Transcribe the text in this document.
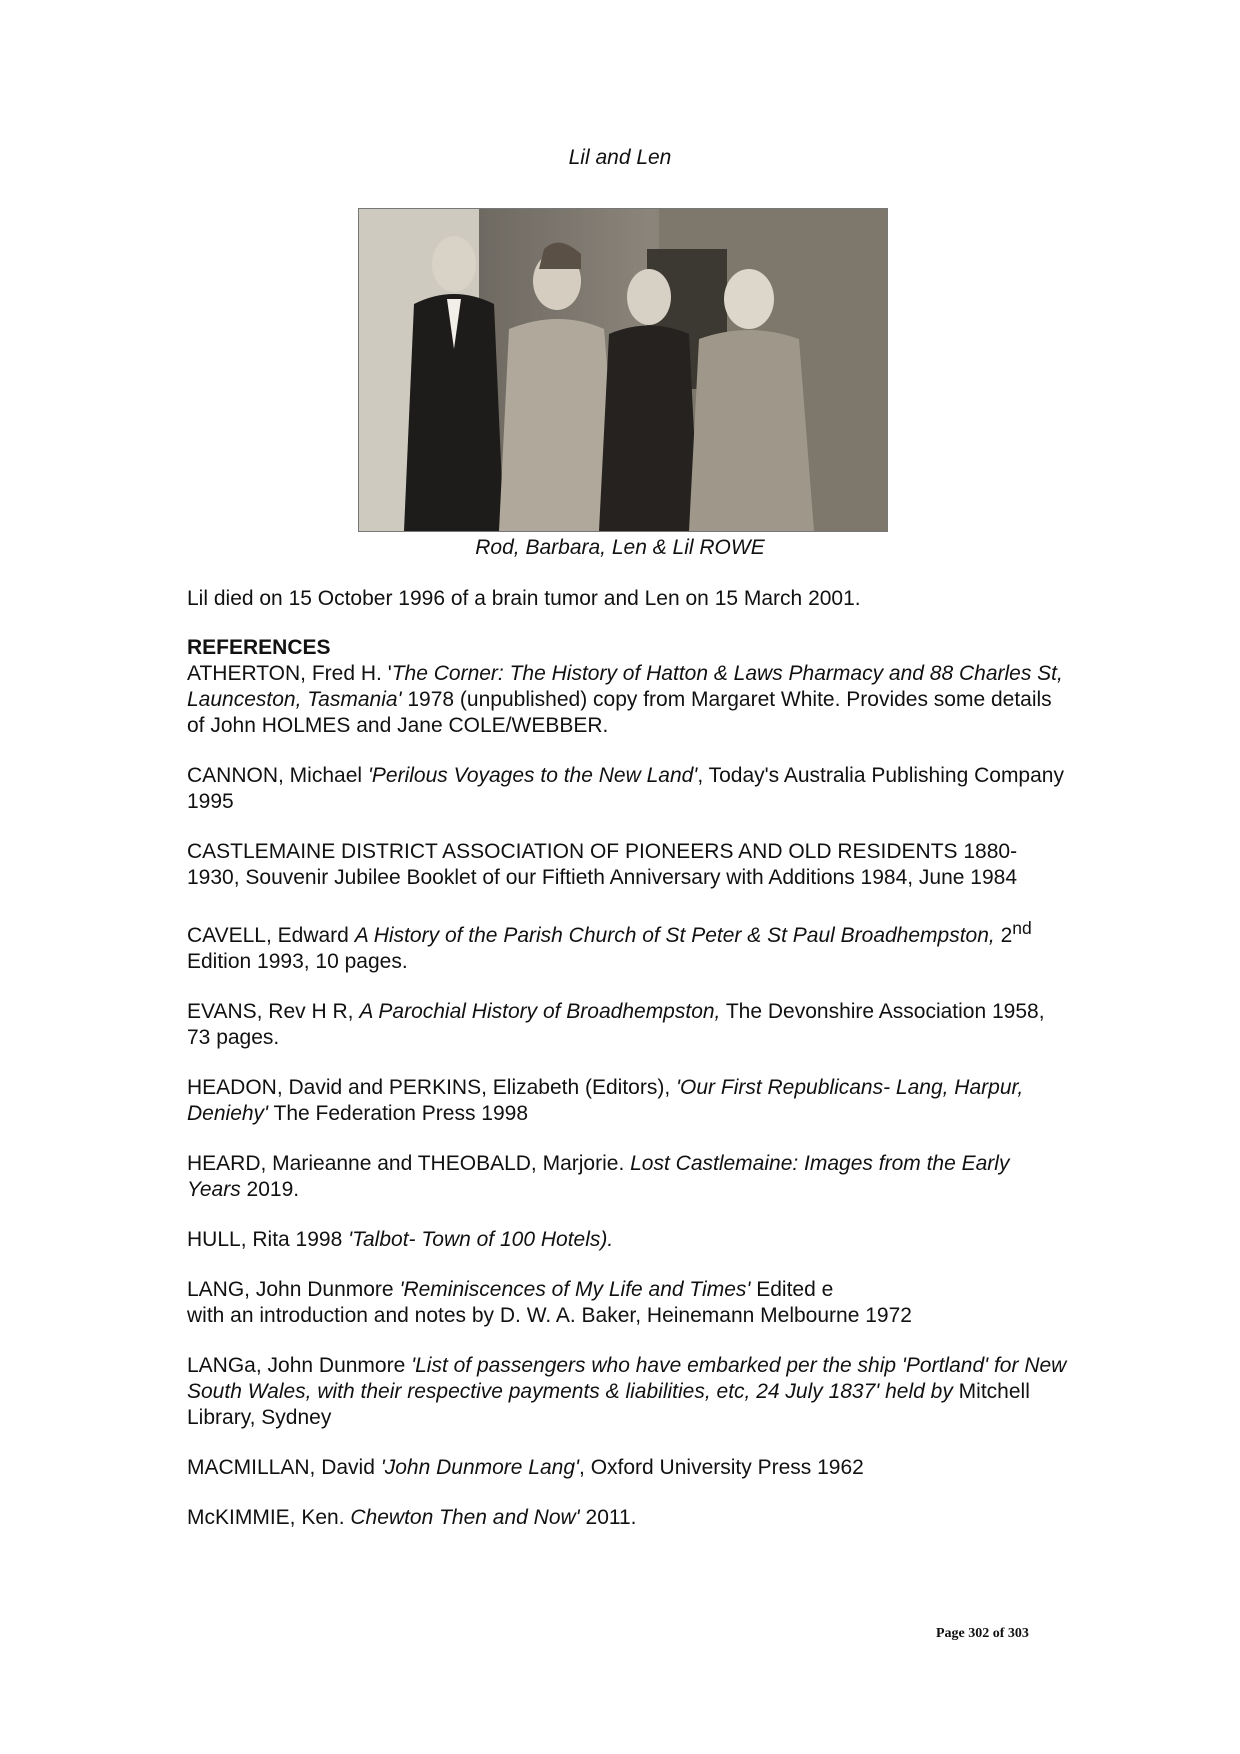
Lil and Len
Rod, Barbara, Len & Lil ROWE
Lil died on 15 October 1996 of a brain tumor and Len on 15 March 2001.
REFERENCES

ATHERTON, Fred H. 'The Corner: The History of Hatton & Laws Pharmacy and 88 Charles St, Launceston, Tasmania' 1978 (unpublished) copy from Margaret White. Provides some details of John HOLMES and Jane COLE/WEBBER.

CANNON, Michael 'Perilous Voyages to the New Land', Today's Australia Publishing Company 1995

CASTLEMAINE DISTRICT ASSOCIATION OF PIONEERS AND OLD RESIDENTS 1880- 1930, Souvenir Jubilee Booklet of our Fiftieth Anniversary with Additions 1984, June 1984

CAVELL, Edward A History of the Parish Church of St Peter & St Paul Broadhempston, 2nd Edition 1993, 10 pages.

EVANS, Rev H R, A Parochial History of Broadhempston, The Devonshire Association 1958, 73 pages.

HEADON, David and PERKINS, Elizabeth (Editors), 'Our First Republicans- Lang, Harpur, Deniehy' The Federation Press 1998

HEARD, Marieanne and THEOBALD, Marjorie. Lost Castlemaine: Images from the Early Years 2019.

HULL, Rita 1998 'Talbot- Town of 100 Hotels).

LANG, John Dunmore 'Reminiscences of My Life and Times' Edited e
with an introduction and notes by D. W. A. Baker, Heinemann Melbourne 1972

LANGa, John Dunmore 'List of passengers who have embarked per the ship 'Portland' for New South Wales, with their respective payments & liabilities, etc, 24 July 1837' held by Mitchell Library, Sydney

MACMILLAN, David 'John Dunmore Lang', Oxford University Press 1962

McKIMMIE, Ken. Chewton Then and Now' 2011.

Page 302 of 303
